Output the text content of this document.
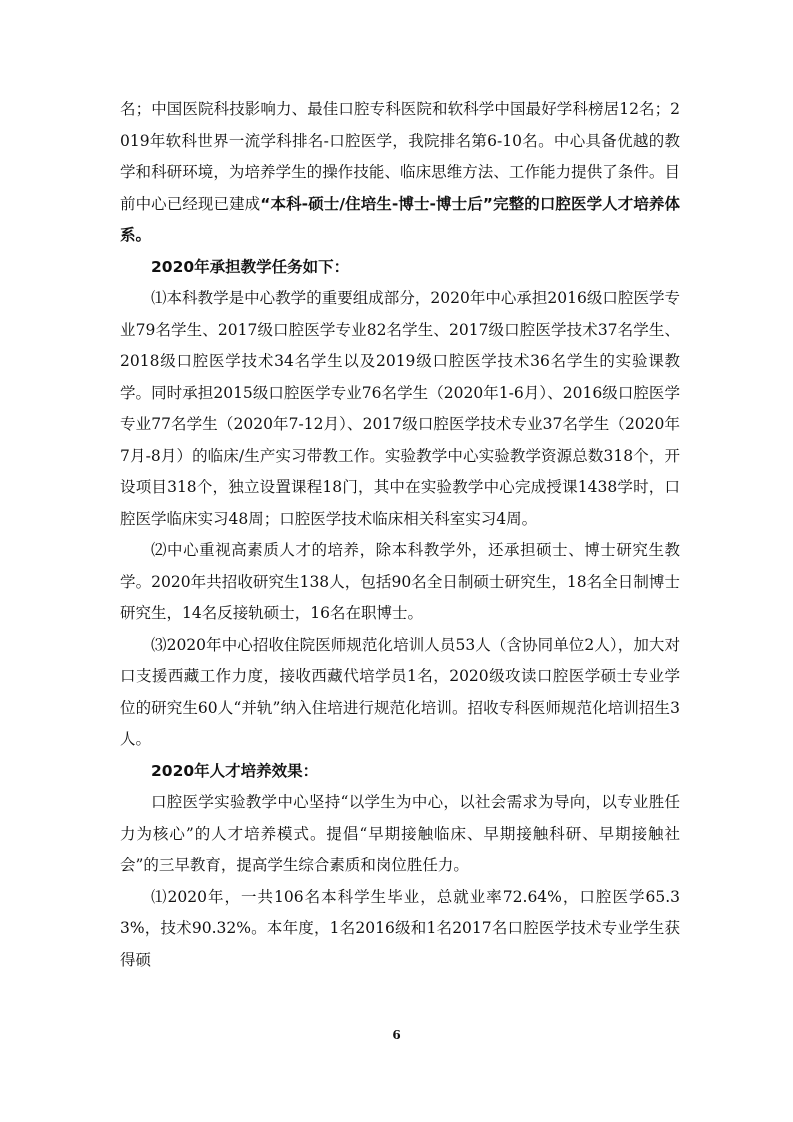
名；中国医院科技影响力、最佳口腔专科医院和软科学中国最好学科榜居12名；2019年软科世界一流学科排名-口腔医学，我院排名第6-10名。中心具备优越的教学和科研环境，为培养学生的操作技能、临床思维方法、工作能力提供了条件。目前中心已经现已建成“本科-硕士/住培生-博士-博士后”完整的口腔医学人才培养体系。

2020年承担教学任务如下：

⑴本科教学是中心教学的重要组成部分，2020年中心承担2016级口腔医学专业79名学生、2017级口腔医学专业82名学生、2017级口腔医学技术37名学生、2018级口腔医学技术34名学生以及2019级口腔医学技术36名学生的实验课教学。同时承担2015级口腔医学专业76名学生（2020年1-6月）、2016级口腔医学专业77名学生（2020年7-12月）、2017级口腔医学技术专业37名学生（2020年7月-8月）的临床/生产实习带教工作。实验教学中心实验教学资源总数318个，开设项目318个，独立设置课程18门，其中在实验教学中心完成授课1438学时，口腔医学临床实习48周；口腔医学技术临床相关科室实习4周。

⑵中心重视高素质人才的培养，除本科教学外，还承担硕士、博士研究生教学。2020年共招收研究生138人，包括90名全日制硕士研究生，18名全日制博士研究生，14名反接轨硕士，16名在职博士。

⑶2020年中心招收住院医师规范化培训人员53人（含协同单位2人），加大对口支援西藏工作力度，接收西藏代培学员1名，2020级攻读口腔医学硕士专业学位的研究生60人“并轨”纳入住培进行规范化培训。招收专科医师规范化培训招生3人。

2020年人才培养效果：

口腔医学实验教学中心坚持“以学生为中心，以社会需求为导向，以专业胜任力为核心”的人才培养模式。提倡“早期接触临床、早期接触科研、早期接触社会”的三早教育，提高学生综合素质和岗位胜任力。

⑴2020年，一共106名本科学生毕业，总就业率72.64%，口腔医学65.33%，技术90.32%。本年度，1名2016级和1名2017名口腔医学技术专业学生获得硕

6
